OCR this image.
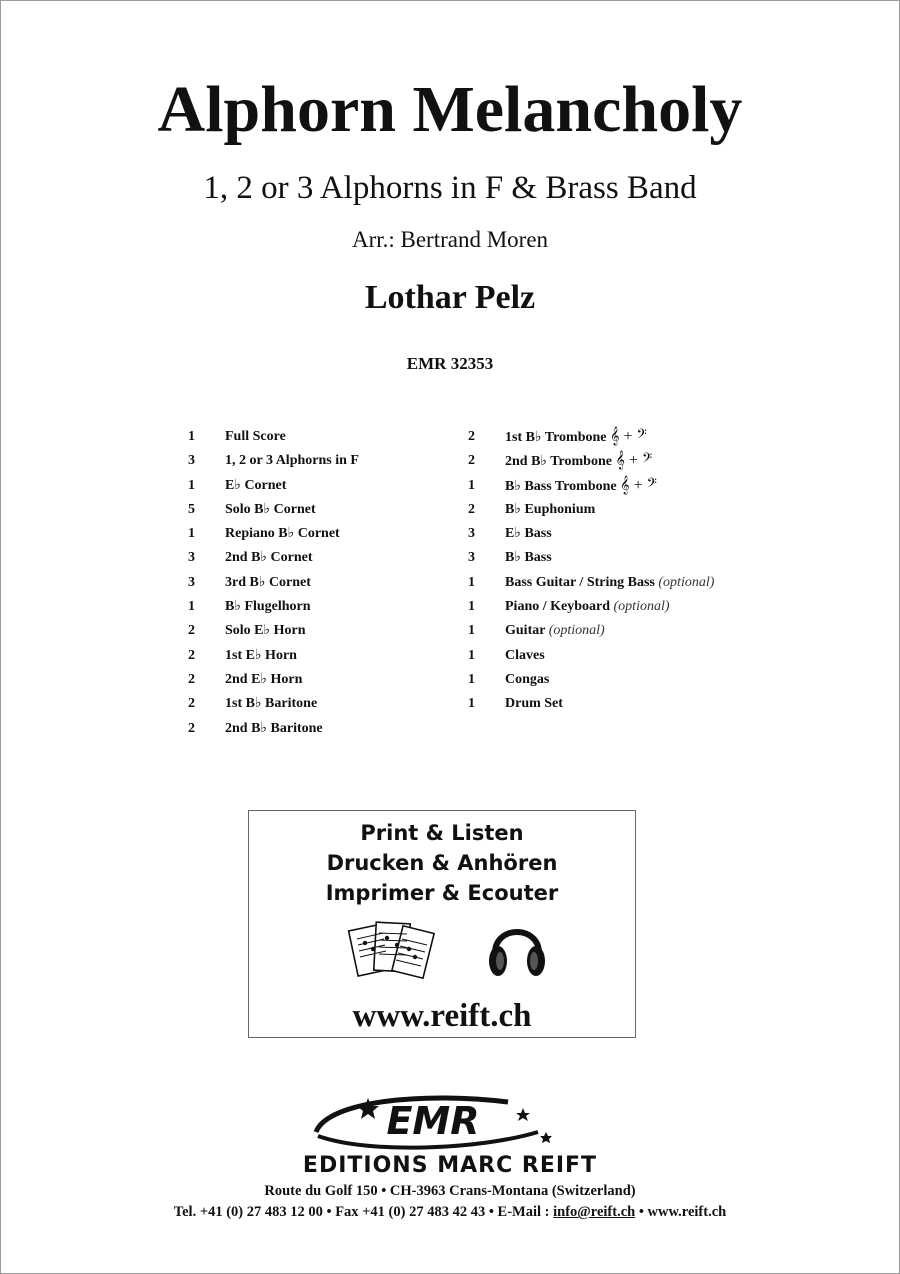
Alphorn Melancholy
1, 2 or 3 Alphorns in F & Brass Band
Arr.: Bertrand Moren
Lothar Pelz
EMR 32353
1	Full Score
3	1, 2 or 3 Alphorns in F
1	E♭ Cornet
5	Solo B♭ Cornet
1	Repiano B♭ Cornet
3	2nd B♭ Cornet
3	3rd B♭ Cornet
1	B♭ Flugelhorn
2	Solo E♭ Horn
2	1st E♭ Horn
2	2nd E♭ Horn
2	1st B♭ Baritone
2	2nd B♭ Baritone
2	1st B♭ Trombone 𝄞 + 𝄢
2	2nd B♭ Trombone 𝄞 + 𝄢
1	B♭ Bass Trombone 𝄞 + 𝄢
2	B♭ Euphonium
3	E♭ Bass
3	B♭ Bass
1	Bass Guitar / String Bass (optional)
1	Piano / Keyboard (optional)
1	Guitar (optional)
1	Claves
1	Congas
1	Drum Set
Print & Listen
Drucken & Anhören
Imprimer & Ecouter
www.reift.ch
EMR
EDITIONS MARC REIFT
Route du Golf 150 • CH-3963 Crans-Montana (Switzerland)
Tel. +41 (0) 27 483 12 00 • Fax +41 (0) 27 483 42 43 • E-Mail : info@reift.ch • www.reift.ch
